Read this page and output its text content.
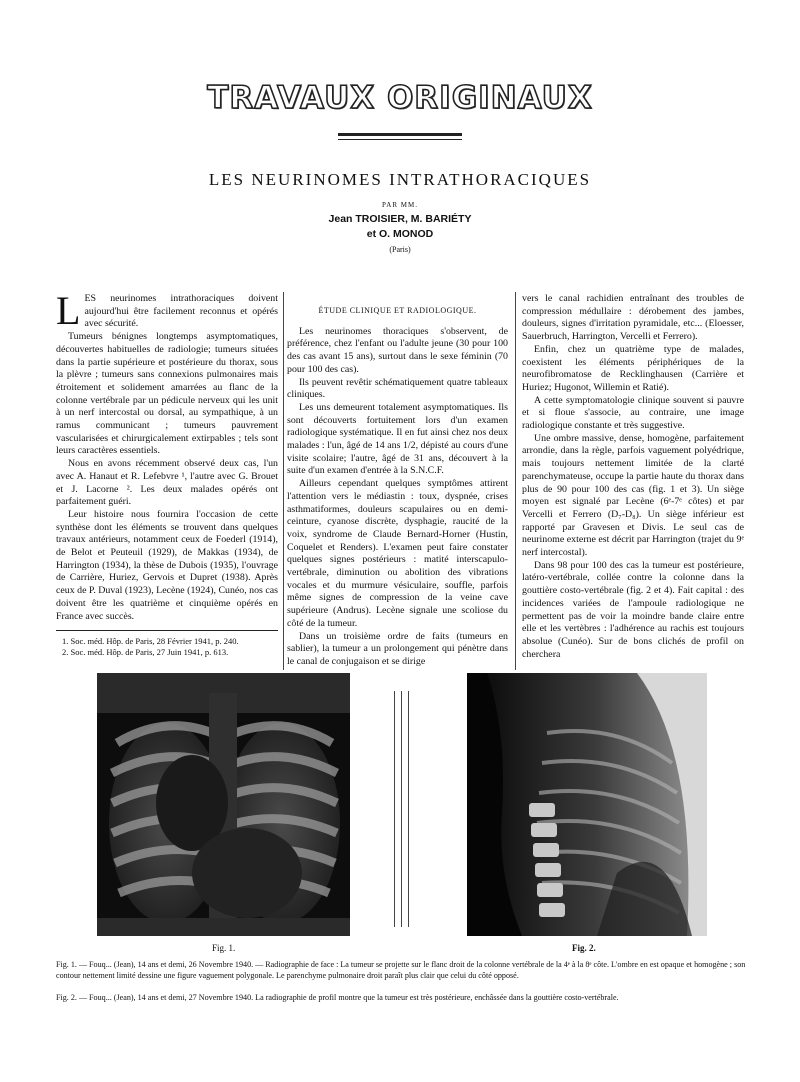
TRAVAUX ORIGINAUX
LES NEURINOMES INTRATHORACIQUES
PAR MM.
Jean TROISIER, M. BARIÉTY
et O. MONOD
(Paris)

LES neurinomes intrathoraciques doivent aujourd'hui être facilement reconnus et opérés avec sécurité.

Tumeurs bénignes longtemps asymptomatiques, découvertes habituelles de radiologie; tumeurs situées dans la partie supérieure et postérieure du thorax, sous la plèvre ; tumeurs sans connexions pulmonaires mais étroitement et solidement amarrées au flanc de la colonne vertébrale par un pédicule nerveux qui les unit à un nerf intercostal ou dorsal, au sympathique, à un ramus communicant ; tumeurs pauvrement vascularisées et chirurgicalement extirpables ; tels sont leurs caractères essentiels.

Nous en avons récemment observé deux cas, l'un avec A. Hanaut et R. Lefebvre ¹, l'autre avec G. Brouet et J. Lacorne ². Les deux malades opérés ont parfaitement guéri.

Leur histoire nous fournira l'occasion de cette synthèse dont les éléments se trouvent dans quelques travaux antérieurs, notamment ceux de Foederl (1914), de Belot et Peuteuil (1929), de Makkas (1934), de Harrington (1934), la thèse de Dubois (1935), l'ouvrage de Carrière, Huriez, Gervois et Dupret (1938). Après ceux de P. Duval (1923), Lecène (1924), Cunéo, nos cas doivent être les quatrième et cinquième opérés en France avec succès.

1. Soc. méd. Hôp. de Paris, 28 Février 1941, p. 240.
2. Soc. méd. Hôp. de Paris, 27 Juin 1941, p. 613.
ÉTUDE CLINIQUE ET RADIOLOGIQUE.

Les neurinomes thoraciques s'observent, de préférence, chez l'enfant ou l'adulte jeune (30 pour 100 des cas avant 15 ans), surtout dans le sexe féminin (70 pour 100 des cas).

Ils peuvent revêtir schématiquement quatre tableaux cliniques.

Les uns demeurent totalement asymptomatiques. Ils sont découverts fortuitement lors d'un examen radiologique systématique. Il en fut ainsi chez nos deux malades : l'un, âgé de 14 ans 1/2, dépisté au cours d'une visite scolaire; l'autre, âgé de 31 ans, découvert à la suite d'un examen d'entrée à la S.N.C.F.

Ailleurs cependant quelques symptômes attirent l'attention vers le médiastin : toux, dyspnée, crises asthmatiformes, douleurs scapulaires ou en demi-ceinture, cyanose discrète, dysphagie, raucité de la voix, syndrome de Claude Bernard-Horner (Hustin, Coquelet et Renders). L'examen peut faire constater quelques signes postérieurs : matité interscapulo-vertébrale, diminution ou abolition des vibrations vocales et du murmure vésiculaire, souffle, parfois même signes de compression de la veine cave supérieure (Andrus). Lecène signale une scoliose du côté de la tumeur.

Dans un troisième ordre de faits (tumeurs en sablier), la tumeur a un prolongement qui pénètre dans le canal de conjugaison et se dirige

vers le canal rachidien entraînant des troubles de compression médullaire : dérobement des jambes, douleurs, signes d'irritation pyramidale, etc... (Eloesser, Sauerbruch, Harrington, Vercelli et Ferrero).

Enfin, chez un quatrième type de malades, coexistent les éléments périphériques de la neurofibromatose de Recklinghausen (Carrière et Huriez; Hugonot, Willemin et Ratié).

A cette symptomatologie clinique souvent si pauvre et si floue s'associe, au contraire, une image radiologique constante et très suggestive.

Une ombre massive, dense, homogène, parfaitement arrondie, dans la règle, parfois vaguement polyédrique, mais toujours nettement limitée de la clarté parenchymateuse, occupe la partie haute du thorax dans plus de 90 pour 100 des cas (fig. 1 et 3). Un siège moyen est signalé par Lecène (6ᵉ-7ᵉ côtes) et par Vercelli et Ferrero (D₇-D₈). Un siège inférieur est rapporté par Gravesen et Divis. Le seul cas de neurinome externe est décrit par Harrington (trajet du 9ᵉ nerf intercostal).

Dans 98 pour 100 des cas la tumeur est postérieure, latéro-vertébrale, collée contre la colonne dans la gouttière costo-vertébrale (fig. 2 et 4). Fait capital : des incidences variées de l'ampoule radiologique ne permettent pas de voir la moindre bande claire entre elle et les vertèbres : l'adhérence au rachis est toujours absolue (Cunéo). Sur de bons clichés de profil on cherchera

Fig. 1.	Fig. 2.
Fig. 1. — Fouq... (Jean), 14 ans et demi, 26 Novembre 1940. — Radiographie de face : La tumeur se projette sur le flanc droit de la colonne vertébrale de la 4ᵉ à la 8ᵉ côte. L'ombre en est opaque et homogène ; son contour nettement limité dessine une figure vaguement polygonale. Le parenchyme pulmonaire droit paraît plus clair que celui du côté opposé.
Fig. 2. — Fouq... (Jean), 14 ans et demi, 27 Novembre 1940. La radiographie de profil montre que la tumeur est très postérieure, enchâssée dans la gouttière costo-vertébrale.
